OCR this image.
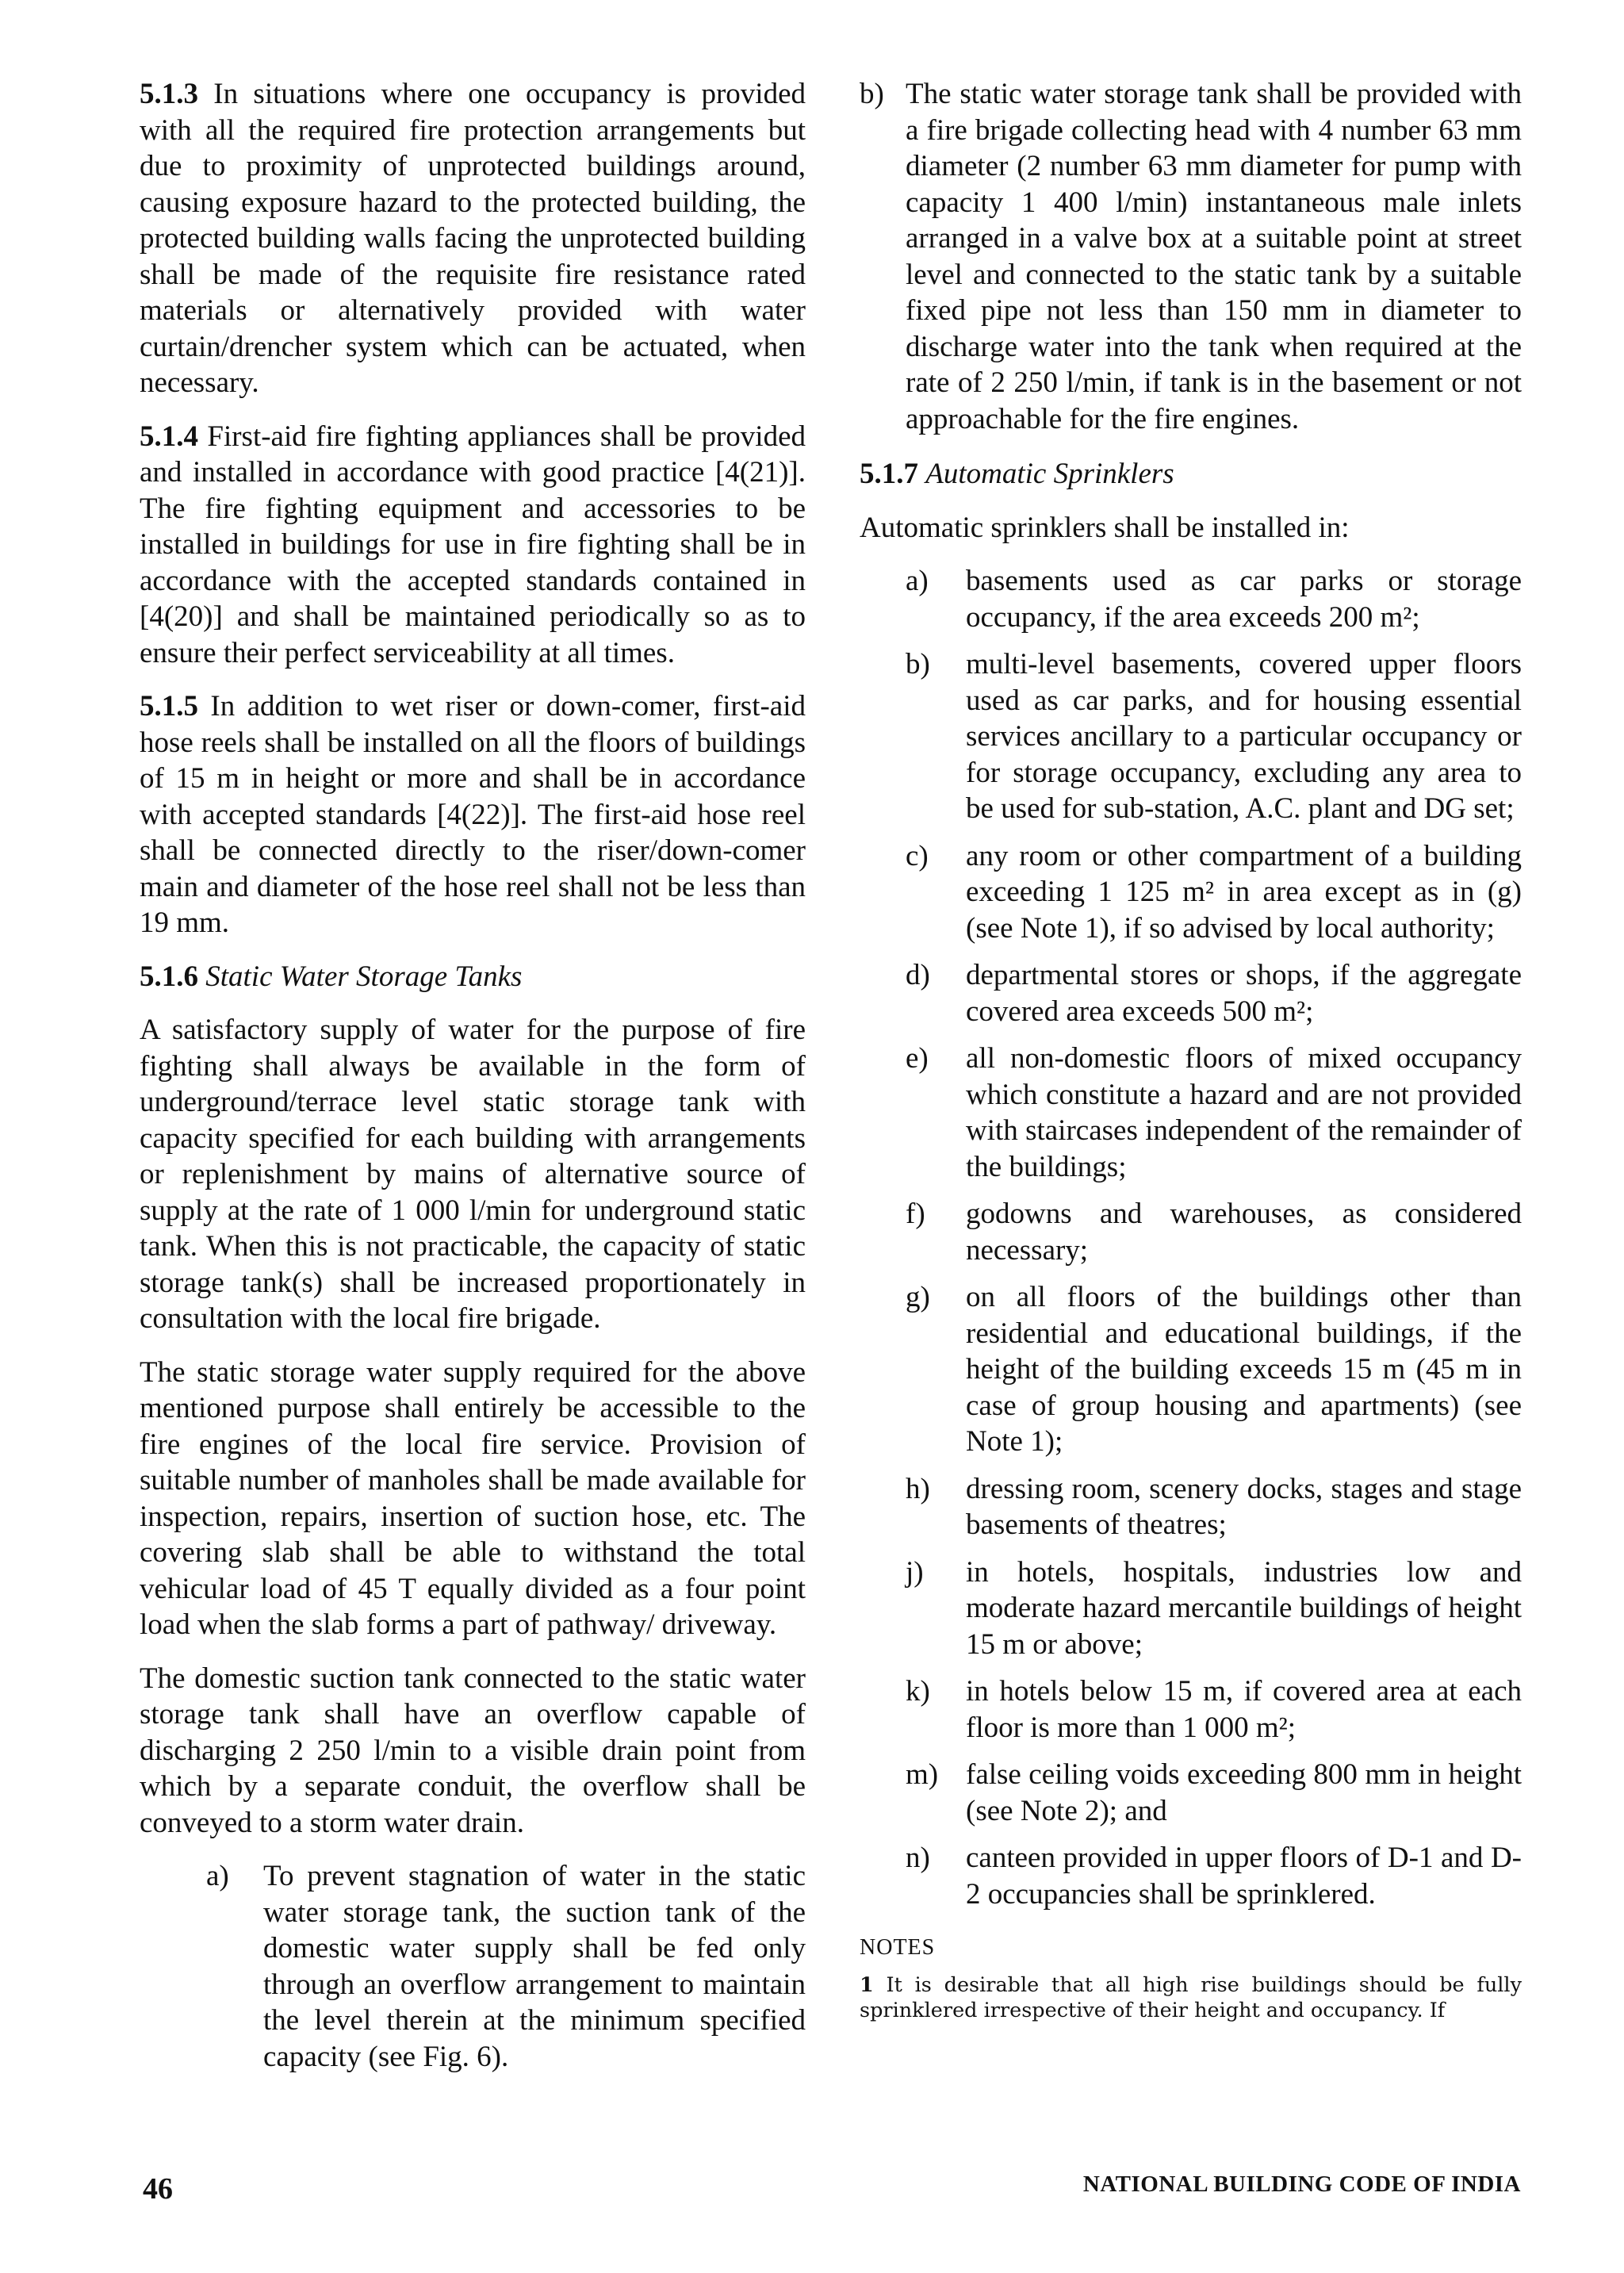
5.1.3 In situations where one occupancy is provided with all the required fire protection arrangements but due to proximity of unprotected buildings around, causing exposure hazard to the protected building, the protected building walls facing the unprotected building shall be made of the requisite fire resistance rated materials or alternatively provided with water curtain/drencher system which can be actuated, when necessary.

5.1.4 First-aid fire fighting appliances shall be provided and installed in accordance with good practice [4(21)]. The fire fighting equipment and accessories to be installed in buildings for use in fire fighting shall be in accordance with the accepted standards contained in [4(20)] and shall be maintained periodically so as to ensure their perfect serviceability at all times.

5.1.5 In addition to wet riser or down-comer, first-aid hose reels shall be installed on all the floors of buildings of 15 m in height or more and shall be in accordance with accepted standards [4(22)]. The first-aid hose reel shall be connected directly to the riser/down-comer main and diameter of the hose reel shall not be less than 19 mm.

5.1.6 Static Water Storage Tanks

A satisfactory supply of water for the purpose of fire fighting shall always be available in the form of underground/terrace level static storage tank with capacity specified for each building with arrangements or replenishment by mains of alternative source of supply at the rate of 1 000 l/min for underground static tank. When this is not practicable, the capacity of static storage tank(s) shall be increased proportionately in consultation with the local fire brigade.

The static storage water supply required for the above mentioned purpose shall entirely be accessible to the fire engines of the local fire service. Provision of suitable number of manholes shall be made available for inspection, repairs, insertion of suction hose, etc. The covering slab shall be able to withstand the total vehicular load of 45 T equally divided as a four point load when the slab forms a part of pathway/ driveway.

The domestic suction tank connected to the static water storage tank shall have an overflow capable of discharging 2 250 l/min to a visible drain point from which by a separate conduit, the overflow shall be conveyed to a storm water drain.

a)	To prevent stagnation of water in the static water storage tank, the suction tank of the domestic water supply shall be fed only through an overflow arrangement to maintain the level therein at the minimum specified capacity (see Fig. 6).
b) The static water storage tank shall be provided with a fire brigade collecting head with 4 number 63 mm diameter (2 number 63 mm diameter for pump with capacity 1 400 l/min) instantaneous male inlets arranged in a valve box at a suitable point at street level and connected to the static tank by a suitable fixed pipe not less than 150 mm in diameter to discharge water into the tank when required at the rate of 2 250 l/min, if tank is in the basement or not approachable for the fire engines.

5.1.7 Automatic Sprinklers

Automatic sprinklers shall be installed in:

a)	basements used as car parks or storage occupancy, if the area exceeds 200 m²;
b)	multi-level basements, covered upper floors used as car parks, and for housing essential services ancillary to a particular occupancy or for storage occupancy, excluding any area to be used for sub-station, A.C. plant and DG set;
c)	any room or other compartment of a building exceeding 1 125 m² in area except as in (g) (see Note 1), if so advised by local authority;
d)	departmental stores or shops, if the aggregate covered area exceeds 500 m²;
e)	all non-domestic floors of mixed occupancy which constitute a hazard and are not provided with staircases independent of the remainder of the buildings;
f)	godowns and warehouses, as considered necessary;
g)	on all floors of the buildings other than residential and educational buildings, if the height of the building exceeds 15 m (45 m in case of group housing and apartments) (see Note 1);
h)	dressing room, scenery docks, stages and stage basements of theatres;
j)	in hotels, hospitals, industries low and moderate hazard mercantile buildings of height 15 m or above;
k)	in hotels below 15 m, if covered area at each floor is more than 1 000 m²;
m) false ceiling voids exceeding 800 mm in height (see Note 2); and
n)	canteen provided in upper floors of D-1 and D-2 occupancies shall be sprinklered.
NOTES
1 It is desirable that all high rise buildings should be fully sprinklered irrespective of their height and occupancy. If
46	NATIONAL BUILDING CODE OF INDIA
